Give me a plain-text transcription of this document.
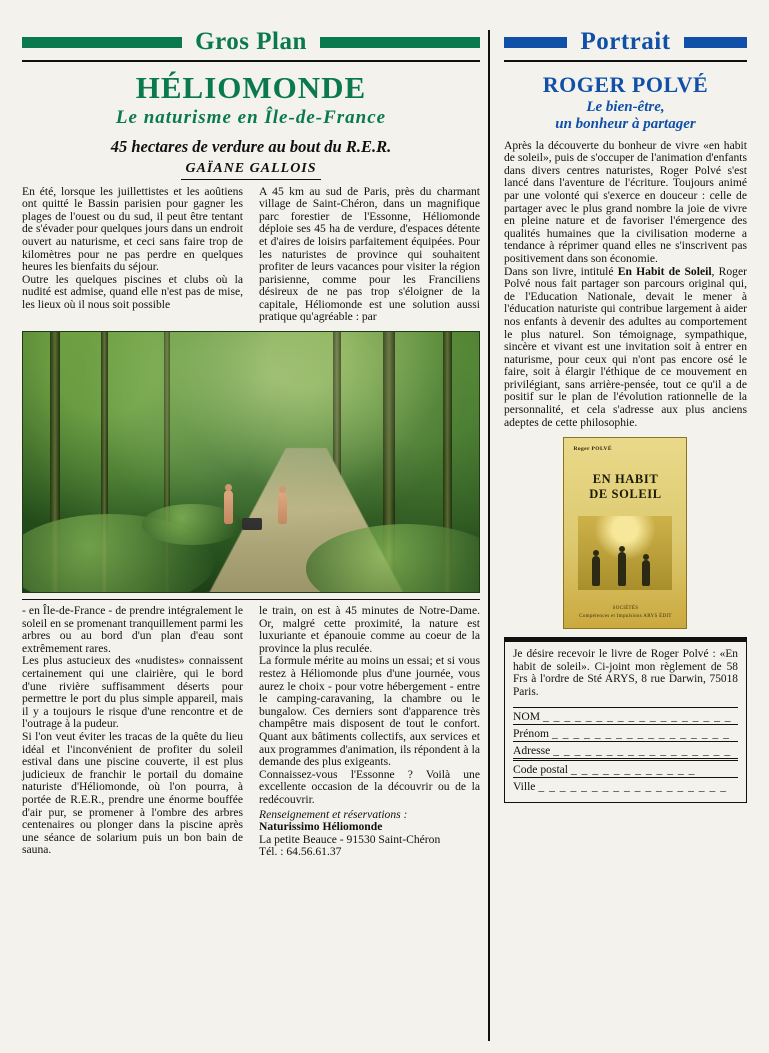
Gros Plan
HÉLIOMONDE
Le naturisme en Île-de-France
45 hectares de verdure au bout du R.E.R.
GAÏANE GALLOIS

En été, lorsque les juillettistes et les aoûtiens ont quitté le Bassin parisien pour gagner les plages de l'ouest ou du sud, il peut être tentant de s'évader pour quelques jours dans un endroit ouvert au naturisme, et ceci sans faire trop de kilomètres pour ne pas perdre en quelques heures les bienfaits du séjour.

Outre les quelques piscines et clubs où la nudité est admise, quand elle n'est pas de mise, les lieux où il nous soit possible

A 45 km au sud de Paris, près du charmant village de Saint-Chéron, dans un magnifique parc forestier de l'Essonne, Héliomonde déploie ses 45 ha de verdure, d'espaces détente et d'aires de loisirs parfaitement équipées. Pour les naturistes de province qui souhaitent profiter de leurs vacances pour visiter la région parisienne, comme pour les Franciliens désireux de ne pas trop s'éloigner de la capitale, Héliomonde est une solution aussi pratique qu'agréable : par

- en Île-de-France - de prendre intégralement le soleil en se promenant tranquillement parmi les arbres ou au bord d'un plan d'eau sont extrêmement rares.

Les plus astucieux des «nudistes» connaissent certainement qui une clairière, qui le bord d'une rivière suffisamment déserts pour permettre le port du plus simple appareil, mais il y a toujours le risque d'une rencontre et de l'outrage à la pudeur.

Si l'on veut éviter les tracas de la quête du lieu idéal et l'inconvénient de profiter du soleil estival dans une piscine couverte, il est plus judicieux de franchir le portail du domaine naturiste d'Héliomonde, où l'on pourra, à portée de R.E.R., prendre une énorme bouffée d'air pur, se promener à l'ombre des arbres centenaires ou plonger dans la piscine après une séance de solarium puis un bon bain de sauna.

le train, on est à 45 minutes de Notre-Dame. Or, malgré cette proximité, la nature est luxuriante et épanouie comme au coeur de la province la plus reculée.

La formule mérite au moins un essai; et si vous restez à Héliomonde plus d'une journée, vous aurez le choix - pour votre hébergement - entre le camping-caravaning, la chambre ou le bungalow. Ces derniers sont d'apparence très champêtre mais disposent de tout le confort. Quant aux bâtiments collectifs, aux services et aux programmes d'animation, ils répondent à la demande des plus exigeants.

Connaissez-vous l'Essonne ? Voilà une excellente occasion de la découvrir ou de la redécouvrir.

Renseignement et réservations :
Naturissimo Héliomonde
La petite Beauce - 91530 Saint-Chéron
Tél. : 64.56.61.37
Portrait
ROGER POLVÉ
Le bien-être,
un bonheur à partager

Après la découverte du bonheur de vivre «en habit de soleil», puis de s'occuper de l'animation d'enfants dans divers centres naturistes, Roger Polvé s'est lancé dans l'aventure de l'écriture. Toujours animé par une volonté qui s'exerce en douceur : celle de partager avec le plus grand nombre la joie de vivre en pleine nature et de favoriser l'émergence des qualités humaines que la civilisation moderne a tendance à réprimer quand elles ne s'inscrivent pas positivement dans son économie.

Dans son livre, intitulé En Habit de Soleil, Roger Polvé nous fait partager son parcours original qui, de l'Education Nationale, devait le mener à l'éducation naturiste qui contribue largement à aider nos enfants à devenir des adultes au comportement le plus naturel. Son témoignage, sympathique, sincère et vivant est une invitation soit à entrer en naturisme, pour ceux qui n'ont pas encore osé le faire, soit à élargir l'éthique de ce mouvement en privilégiant, sans arrière-pensée, tout ce qu'il a de positif sur le plan de l'évolution rationnelle de la personnalité, et cela s'adresse aux plus anciens adeptes de cette philosophie.

Roger POLVÉ
EN HABIT
DE SOLEIL
SOCIÉTÉS
Compétences et Impulsions ARYS ÉDIT

Je désire recevoir le livre de Roger Polvé : «En habit de soleil». Ci-joint mon règlement de 58 Frs à l'ordre de Sté ARYS, 8 rue Darwin, 75018 Paris.

NOM _ _ _ _ _ _ _ _ _ _ _ _ _ _ _ _ _ _
Prénom _ _ _ _ _ _ _ _ _ _ _ _ _ _ _ _ _
Adresse _ _ _ _ _ _ _ _ _ _ _ _ _ _ _ _ _
Code postal _ _ _ _ _ _ _ _ _ _ _ _
Ville _ _ _ _ _ _ _ _ _ _ _ _ _ _ _ _ _ _
